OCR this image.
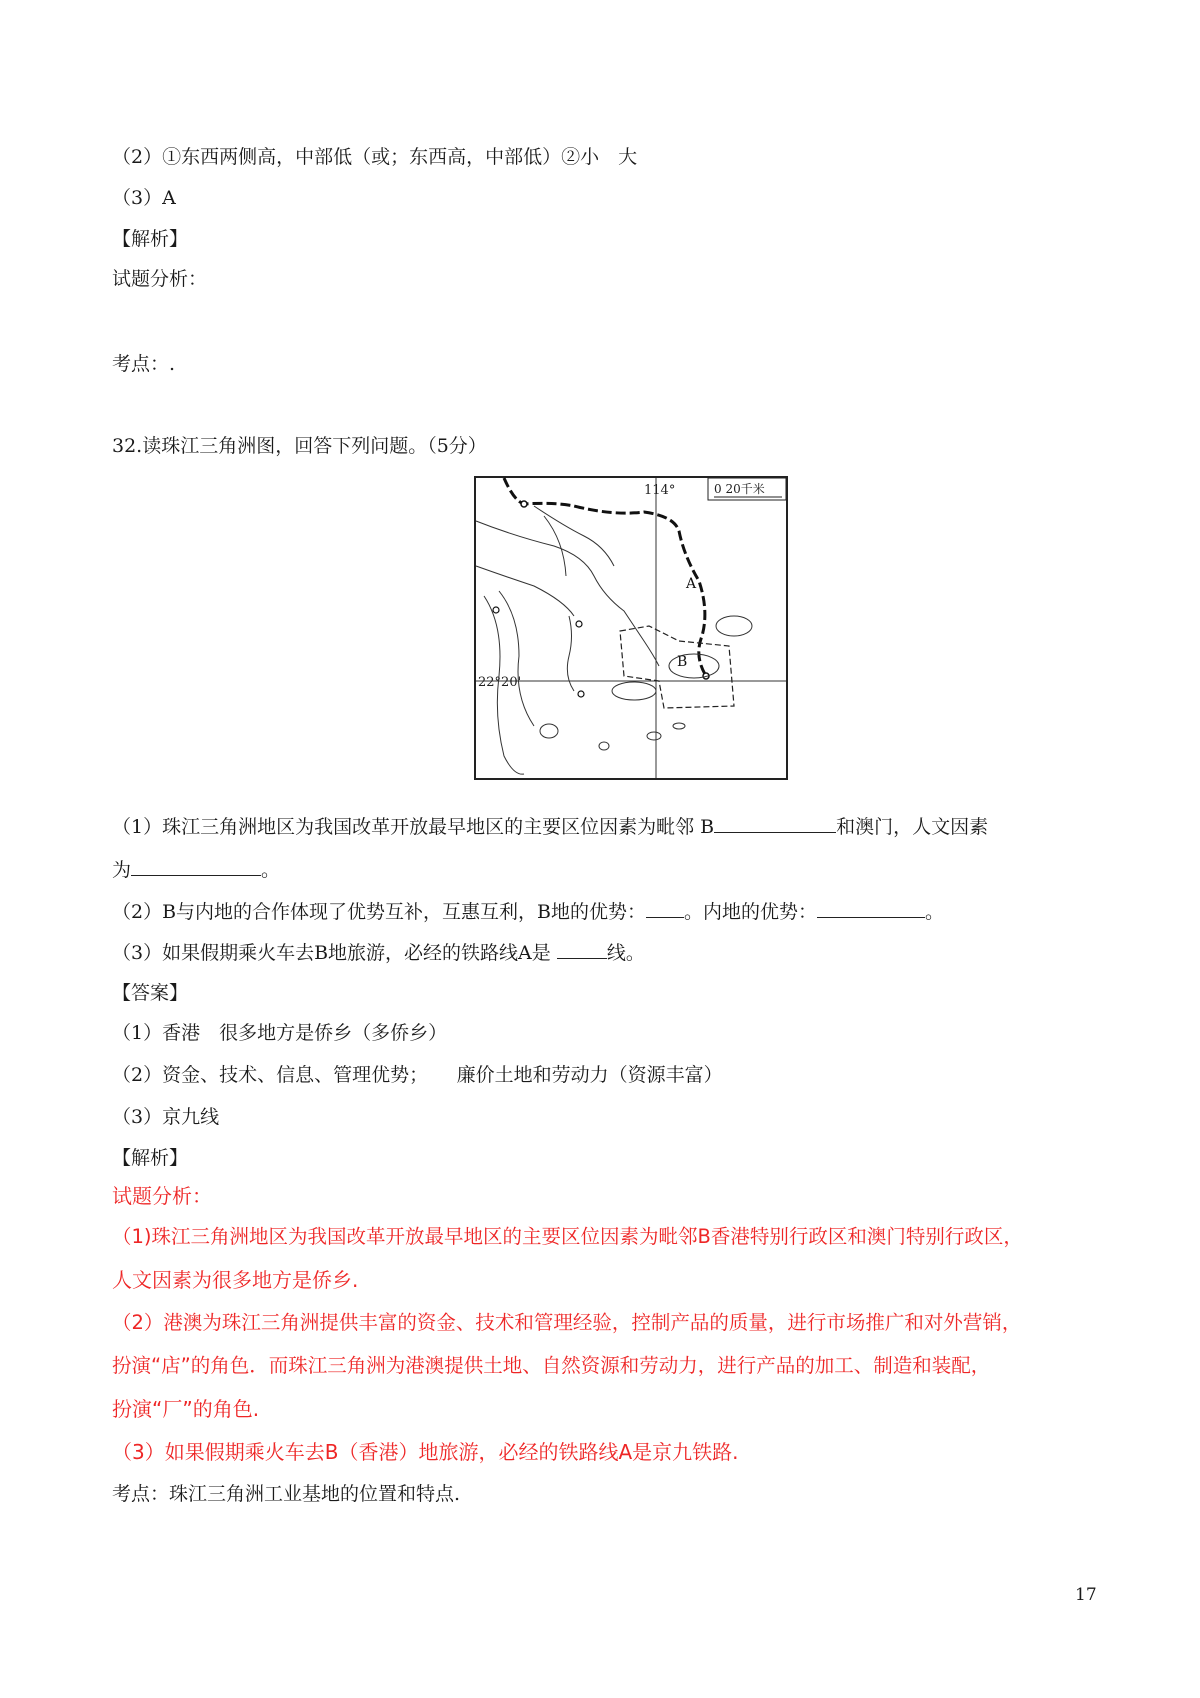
（2）①东西两侧高，中部低（或；东西高，中部低）②小　大
（3）A
【解析】
试题分析：
考点：.
32.读珠江三角洲图，回答下列问题。（5分）
114°
22°20'
0 20千米
A
B
（1）珠江三角洲地区为我国改革开放最早地区的主要区位因素为毗邻 B	和澳门，人文因素
为	。
（2）B与内地的合作体现了优势互补，互惠互利，B地的优势： 。内地的优势：	。
（3）如果假期乘火车去B地旅游，必经的铁路线A是	线。
【答案】
（1）香港　很多地方是侨乡（多侨乡）
（2）资金、技术、信息、管理优势；　　廉价土地和劳动力（资源丰富）
（3）京九线
【解析】
试题分析：
（1)珠江三角洲地区为我国改革开放最早地区的主要区位因素为毗邻B香港特别行政区和澳门特别行政区，
人文因素为很多地方是侨乡.
（2）港澳为珠江三角洲提供丰富的资金、技术和管理经验，控制产品的质量，进行市场推广和对外营销，
扮演“店”的角色．而珠江三角洲为港澳提供土地、自然资源和劳动力，进行产品的加工、制造和装配，
扮演“厂”的角色.
（3）如果假期乘火车去B（香港）地旅游，必经的铁路线A是京九铁路.
考点：珠江三角洲工业基地的位置和特点.
17
